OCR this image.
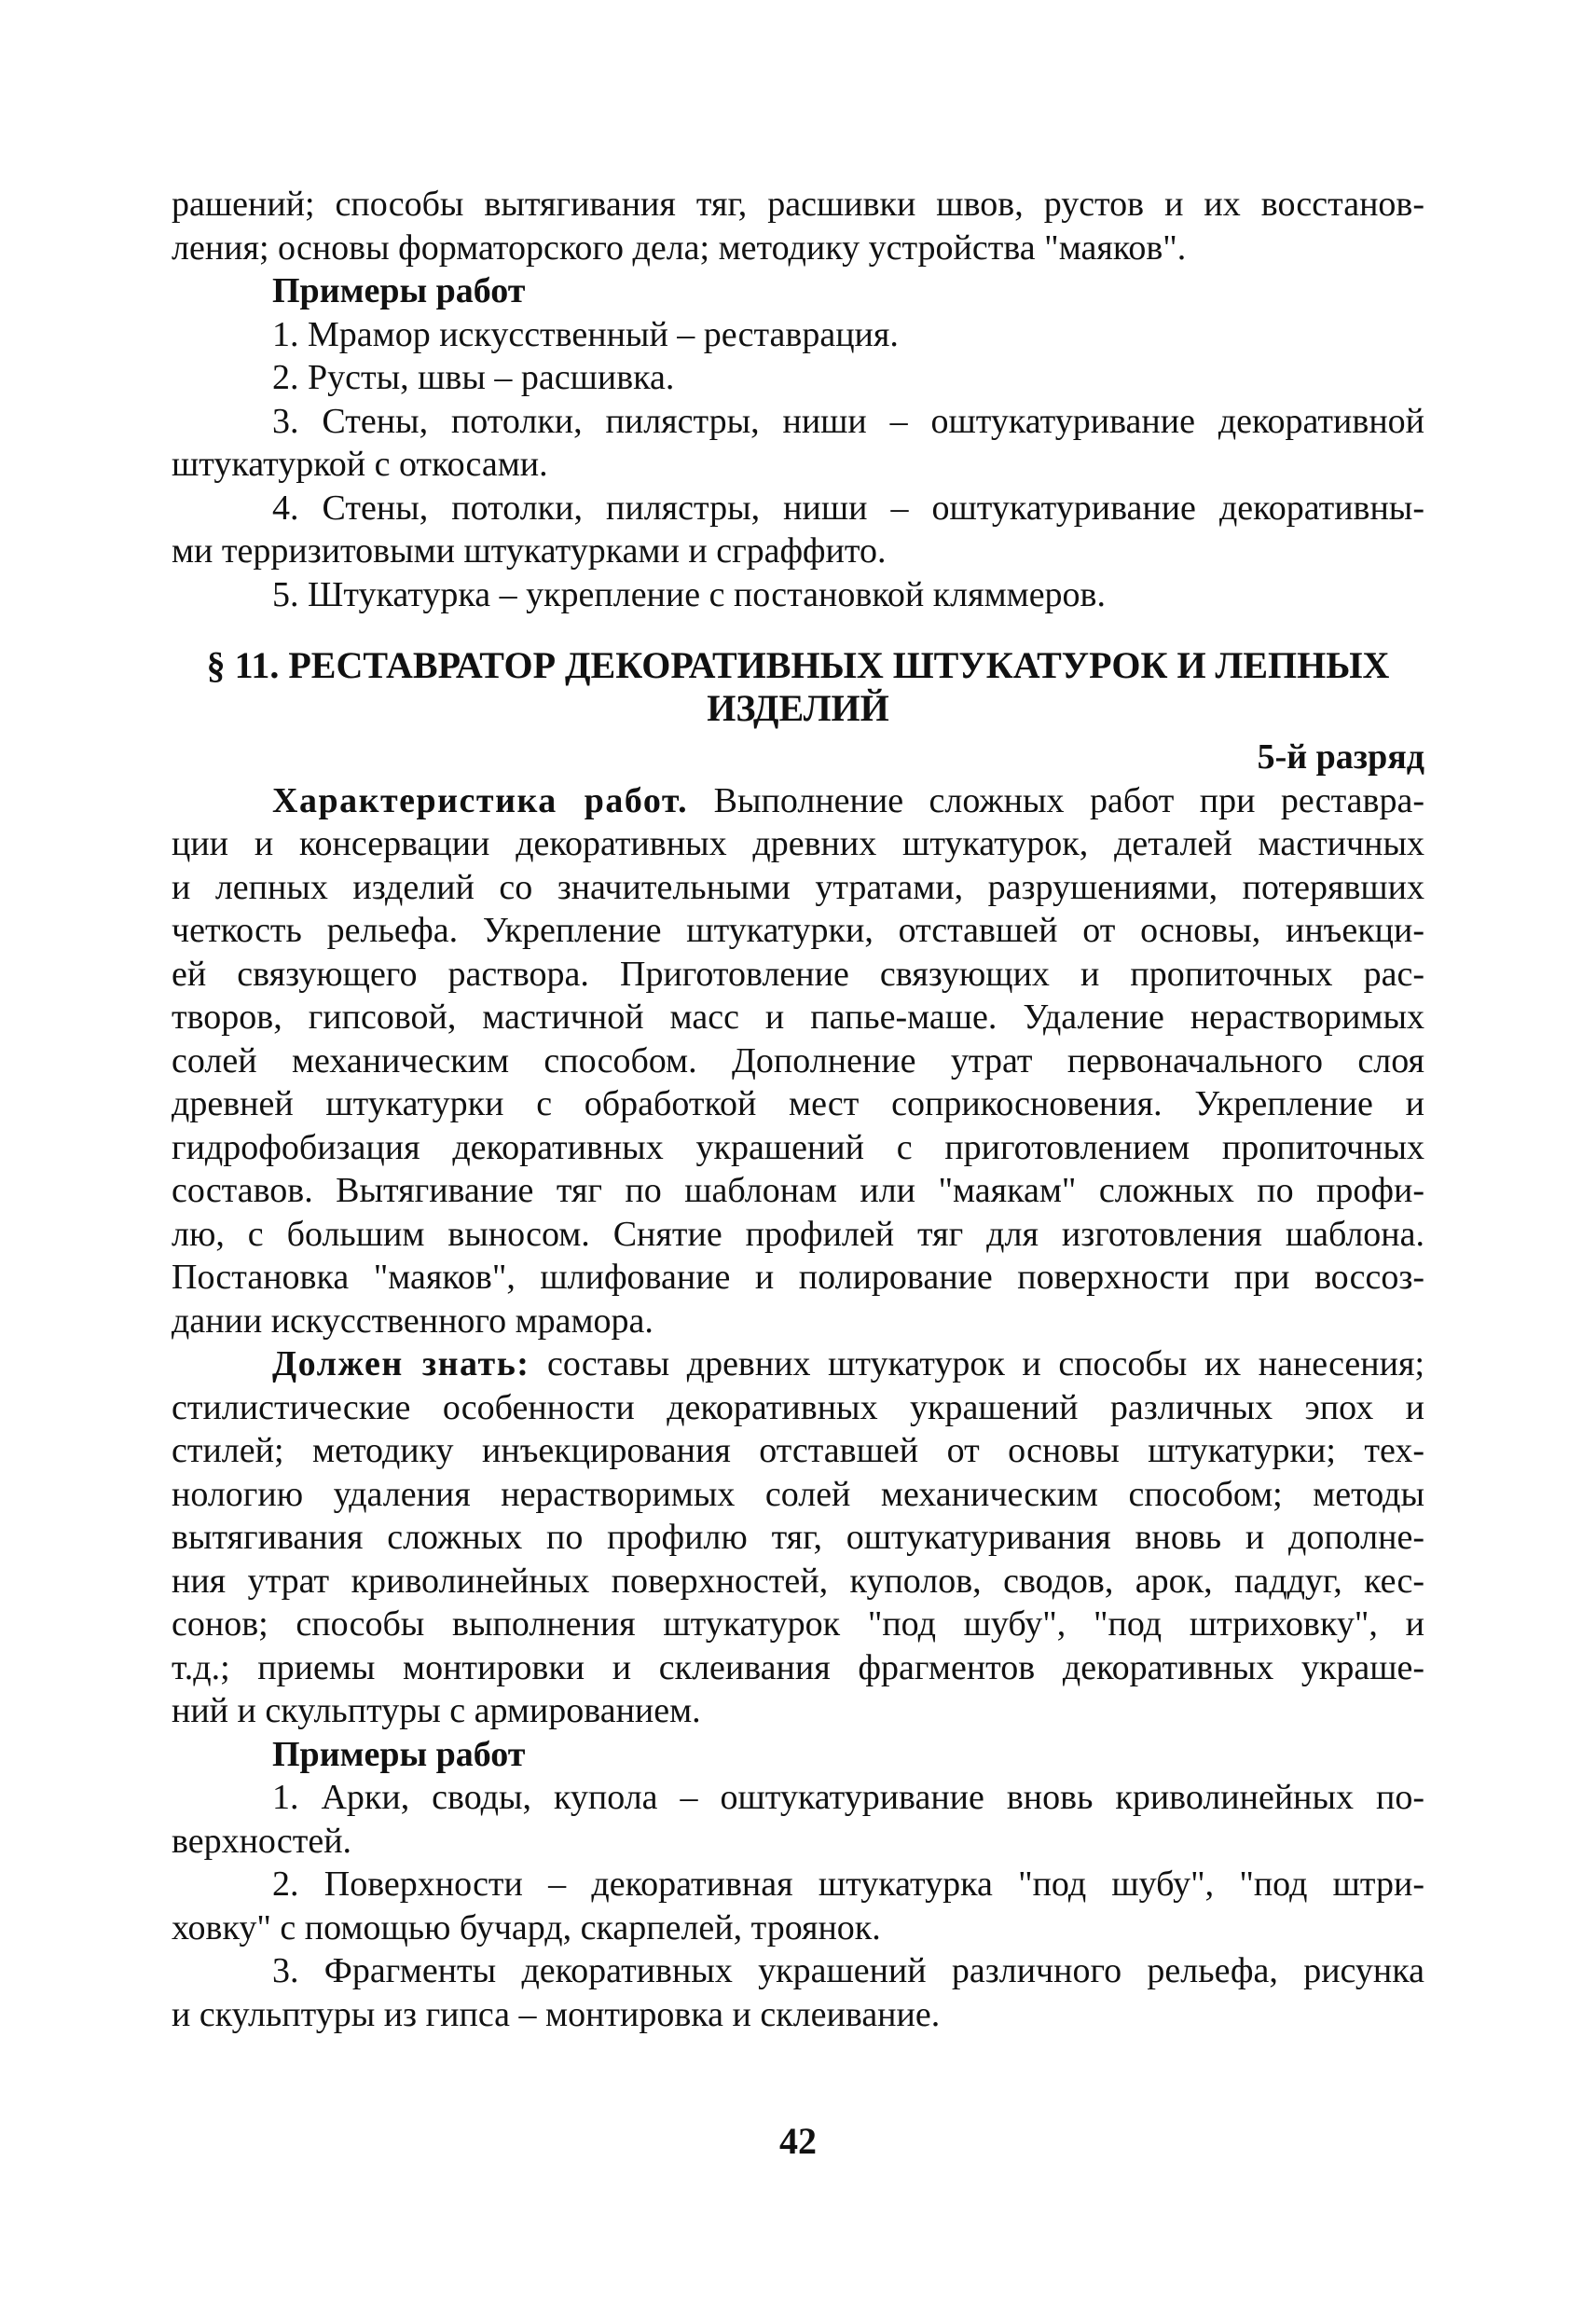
рашений; способы вытягивания тяг, расшивки швов, рустов и их восстанов-
ления; основы форматорского дела; методику устройства "маяков".
Примеры работ
1. Мрамор искусственный – реставрация.
2. Русты, швы – расшивка.
3. Стены, потолки, пилястры, ниши – оштукатуривание декоративной
штукатуркой с откосами.
4. Стены, потолки, пилястры, ниши – оштукатуривание декоративны-
ми терризитовыми штукатурками и сграффито.
5. Штукатурка – укрепление с постановкой кляммеров.
§ 11. РЕСТАВРАТОР ДЕКОРАТИВНЫХ ШТУКАТУРОК И ЛЕПНЫХ
ИЗДЕЛИЙ
5-й разряд
Характеристика работ. Выполнение сложных работ при реставра-
ции и консервации декоративных древних штукатурок, деталей мастичных
и лепных изделий со значительными утратами, разрушениями, потерявших
четкость рельефа. Укрепление штукатурки, отставшей от основы, инъекци-
ей связующего раствора. Приготовление связующих и пропиточных рас-
творов, гипсовой, мастичной масс и папье-маше. Удаление нерастворимых
солей механическим способом. Дополнение утрат первоначального слоя
древней штукатурки с обработкой мест соприкосновения. Укрепление и
гидрофобизация декоративных украшений с приготовлением пропиточных
составов. Вытягивание тяг по шаблонам или "маякам" сложных по профи-
лю, с большим выносом. Снятие профилей тяг для изготовления шаблона.
Постановка "маяков", шлифование и полирование поверхности при воссоз-
дании искусственного мрамора.
Должен знать: составы древних штукатурок и способы их нанесения;
стилистические особенности декоративных украшений различных эпох и
стилей; методику инъекцирования отставшей от основы штукатурки; тех-
нологию удаления нерастворимых солей механическим способом; методы
вытягивания сложных по профилю тяг, оштукатуривания вновь и дополне-
ния утрат криволинейных поверхностей, куполов, сводов, арок, паддуг, кес-
сонов; способы выполнения штукатурок "под шубу", "под штриховку", и
т.д.; приемы монтировки и склеивания фрагментов декоративных украше-
ний и скульптуры с армированием.
Примеры работ
1. Арки, своды, купола – оштукатуривание вновь криволинейных по-
верхностей.
2. Поверхности – декоративная штукатурка "под шубу", "под штри-
ховку" с помощью бучард, скарпелей, троянок.
3. Фрагменты декоративных украшений различного рельефа, рисунка
и скульптуры из гипса – монтировка и склеивание.
42
